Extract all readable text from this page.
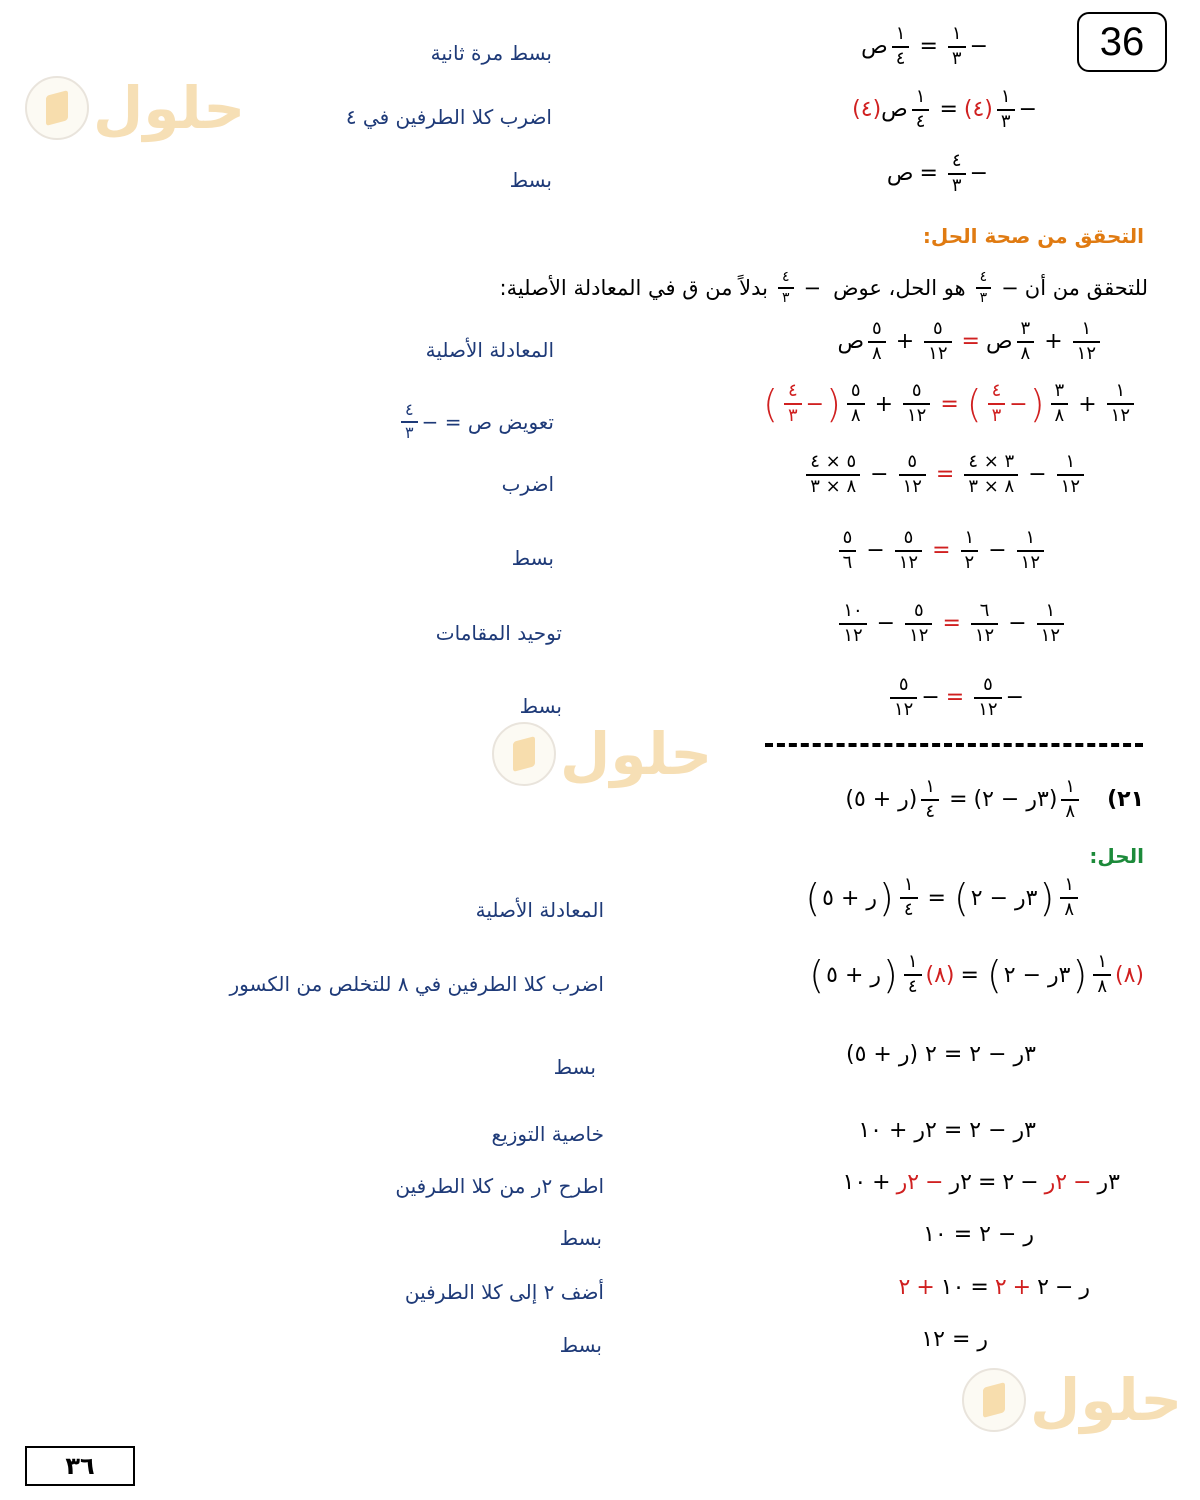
36
٣٦
حلول
حلول
حلول
−
$\frac{١}{٣}$
=
$\frac{١}{٤}$
ص
بسط مرة ثانية
−
$\frac{١}{٣}$
(٤)
=
$\frac{١}{٤}$
ص
(٤)
اضرب كلا الطرفين في ٤
−
$\frac{٤}{٣}$
=
ص
بسط
التحقق من صحة الحل:
للتحقق من أن
−
$\frac{٤}{٣}$
هو الحل، عوض
−
$\frac{٤}{٣}$
بدلاً من ق في المعادلة الأصلية:
$\frac{١}{١٢}$
+
$\frac{٣}{٨}$
ص
=
$\frac{٥}{١٢}$
+
$\frac{٥}{٨}$
ص
المعادلة الأصلية
$\frac{١}{١٢}$
+
$\frac{٣}{٨}$
(
−
$\frac{٤}{٣}$
)
=
$\frac{٥}{١٢}$
+
$\frac{٥}{٨}$
(
−
$\frac{٤}{٣}$
)
تعويض ص = −
$\frac{٤}{٣}$
$\frac{١}{١٢}$
−
$\frac{٣ \times ٤}{٨ \times ٣}$
=
$\frac{٥}{١٢}$
−
$\frac{٥ \times ٤}{٨ \times ٣}$
اضرب
$\frac{١}{١٢}$
−
$\frac{١}{٢}$
=
$\frac{٥}{١٢}$
−
$\frac{٥}{٦}$
بسط
$\frac{١}{١٢}$
−
$\frac{٦}{١٢}$
=
$\frac{٥}{١٢}$
−
$\frac{١٠}{١٢}$
توحيد المقامات
−
$\frac{٥}{١٢}$
=
−
$\frac{٥}{١٢}$
بسط
٢١)
$\frac{١}{٨}$
(٣ر − ٢)
=
$\frac{١}{٤}$
(ر + ٥)
الحل:
$\frac{١}{٨}$
(
٣ر − ٢
)
=
$\frac{١}{٤}$
(
ر + ٥
)
المعادلة الأصلية
(٨)
$\frac{١}{٨}$
(
٣ر − ٢
)
=
(٨)
$\frac{١}{٤}$
(
ر + ٥
)
اضرب كلا الطرفين في ٨ للتخلص من الكسور
٣ر − ٢ = ٢ (ر + ٥)
بسط
٣ر − ٢ = ٢ر + ١٠
خاصية التوزيع
٣ر
−
٢ر
−
٢
=
٢ر
−
٢ر
+
١٠
اطرح ٢ر من كلا الطرفين
ر − ٢ = ١٠
بسط
ر
−
٢
+
٢
=
١٠
+
٢
أضف ٢ إلى كلا الطرفين
ر = ١٢
بسط
